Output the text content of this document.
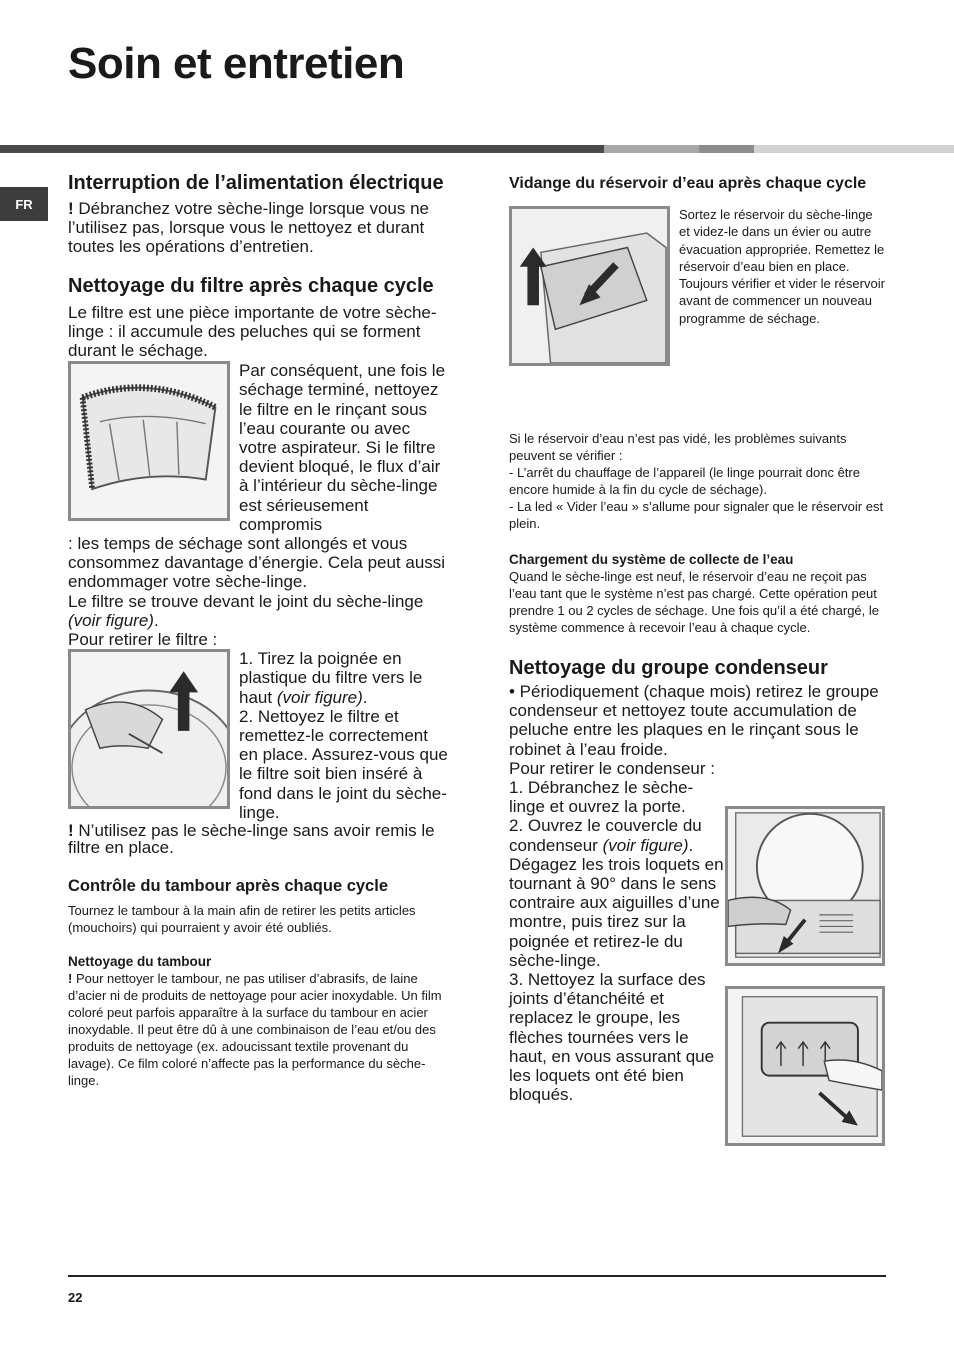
Soin et entretien
FR
Interruption de l’alimentation électrique

! Débranchez votre sèche-linge lorsque vous ne l’utilisez pas, lorsque vous le nettoyez et durant toutes les opérations d’entretien.

Nettoyage du filtre après chaque cycle

Le filtre est une pièce importante de votre sèche-linge : il accumule des peluches qui se forment durant le séchage.

Par conséquent, une fois le séchage terminé, nettoyez le filtre en le rinçant sous l’eau courante ou avec votre aspirateur. Si le filtre devient bloqué, le flux d’air à l’intérieur du sèche-linge est sérieusement compromis

: les temps de séchage sont allongés et vous consommez davantage d’énergie. Cela peut aussi endommager votre sèche-linge.

Le filtre se trouve devant le joint du sèche-linge (voir figure).

Pour retirer le filtre :

1. Tirez la poignée en plastique du filtre vers le haut (voir figure).

2. Nettoyez le filtre et remettez-le correctement en place. Assurez-vous que le filtre soit bien inséré à fond dans le joint du sèche-linge.

! N’utilisez pas le sèche-linge sans avoir remis le filtre en place.

Contrôle du tambour après chaque cycle

Tournez le tambour à la main afin de retirer les petits articles (mouchoirs) qui pourraient y avoir été oubliés.

Nettoyage du tambour

! Pour nettoyer le tambour, ne pas utiliser d’abrasifs, de laine d’acier ni de produits de nettoyage pour acier inoxydable. Un film coloré peut parfois apparaître à la surface du tambour en acier inoxydable. Il peut être dû à une combinaison de l’eau et/ou des produits de nettoyage (ex. adoucissant textile provenant du lavage). Ce film coloré n’affecte pas la performance du sèche-linge.

Vidange du réservoir d’eau après chaque cycle

Sortez le réservoir du sèche-linge et videz-le dans un évier ou autre évacuation appropriée. Remettez le réservoir d’eau bien en place. Toujours vérifier et vider le réservoir avant de commencer un nouveau programme de séchage.

Si le réservoir d’eau n’est pas vidé, les problèmes suivants peuvent se vérifier :

- L’arrêt du chauffage de l’appareil (le linge pourrait donc être encore humide à la fin du cycle de séchage).

- La led « Vider l’eau » s’allume pour signaler que le réservoir est plein.

Chargement du système de collecte de l’eau

Quand le sèche-linge est neuf, le réservoir d’eau ne reçoit pas l’eau tant que le système n’est pas chargé. Cette opération peut prendre 1 ou 2 cycles de séchage. Une fois qu’il a été chargé, le système commence à recevoir l’eau à chaque cycle.

Nettoyage du groupe condenseur

• Périodiquement (chaque mois) retirez le groupe condenseur et nettoyez toute accumulation de peluche entre les plaques en le rinçant sous le robinet à l’eau froide.

Pour retirer le condenseur :

1. Débranchez le sèche-linge et ouvrez la porte.

2. Ouvrez le couvercle du condenseur (voir figure). Dégagez les trois loquets en tournant à 90° dans le sens contraire aux aiguilles d’une montre, puis tirez sur la poignée et retirez-le du sèche-linge.

3. Nettoyez la surface des joints d’étanchéité et replacez le groupe, les flèches tournées vers le haut, en vous assurant que les loquets ont été bien bloqués.

22
